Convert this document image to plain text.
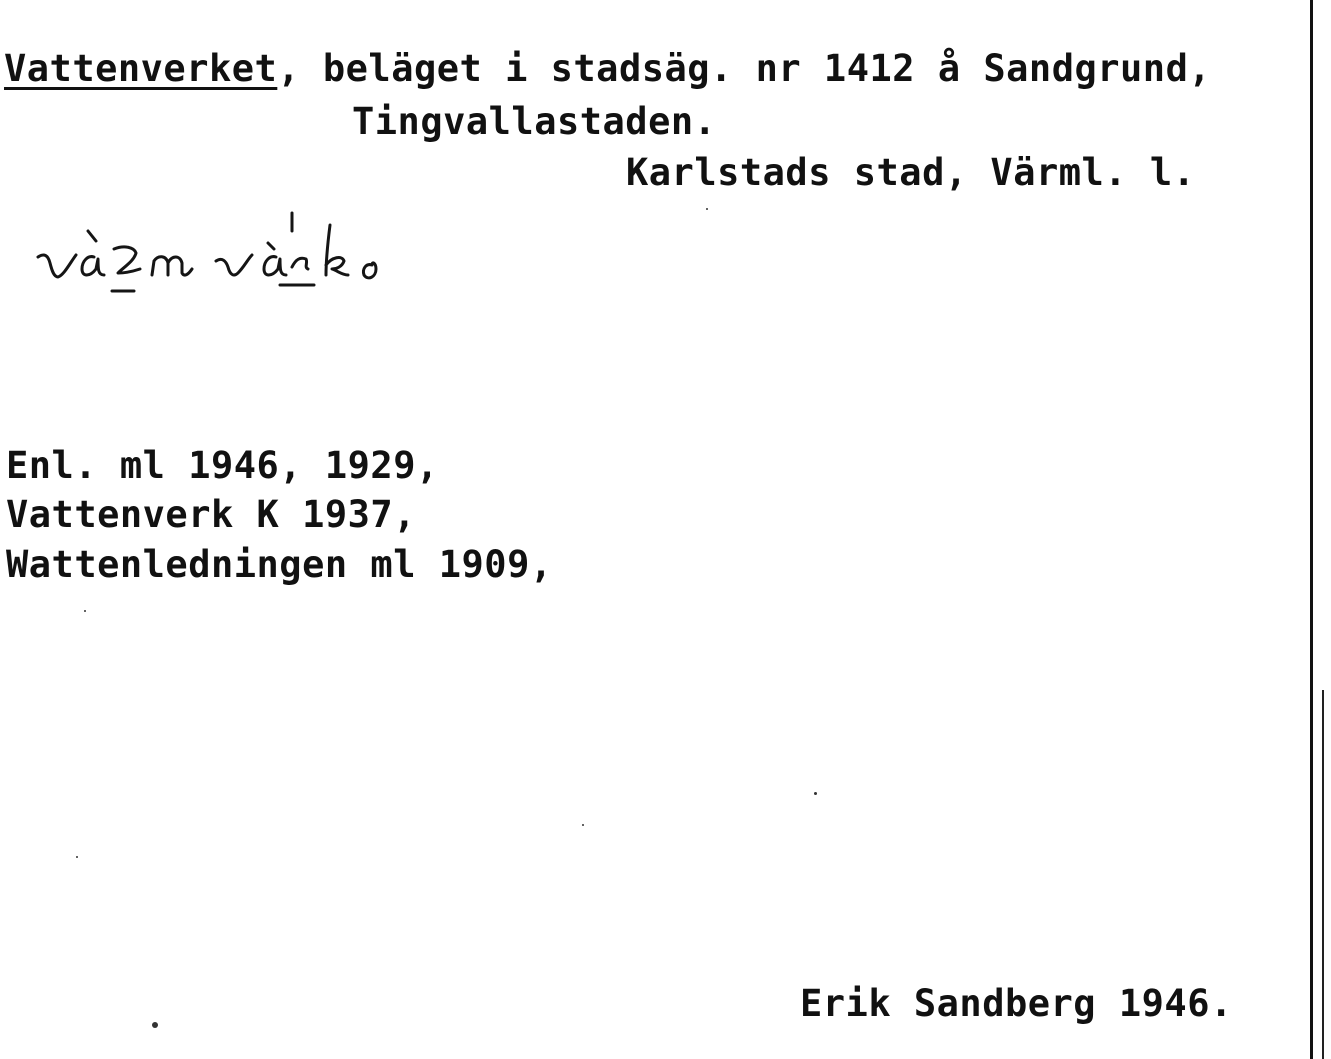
Vattenverket, beläget i stadsäg. nr 1412 å Sandgrund,
Tingvallastaden.
Karlstads stad, Värml. l.
Enl. ml 1946, 1929,
Vattenverk K 1937,
Wattenledningen ml 1909,
Erik Sandberg 1946.
